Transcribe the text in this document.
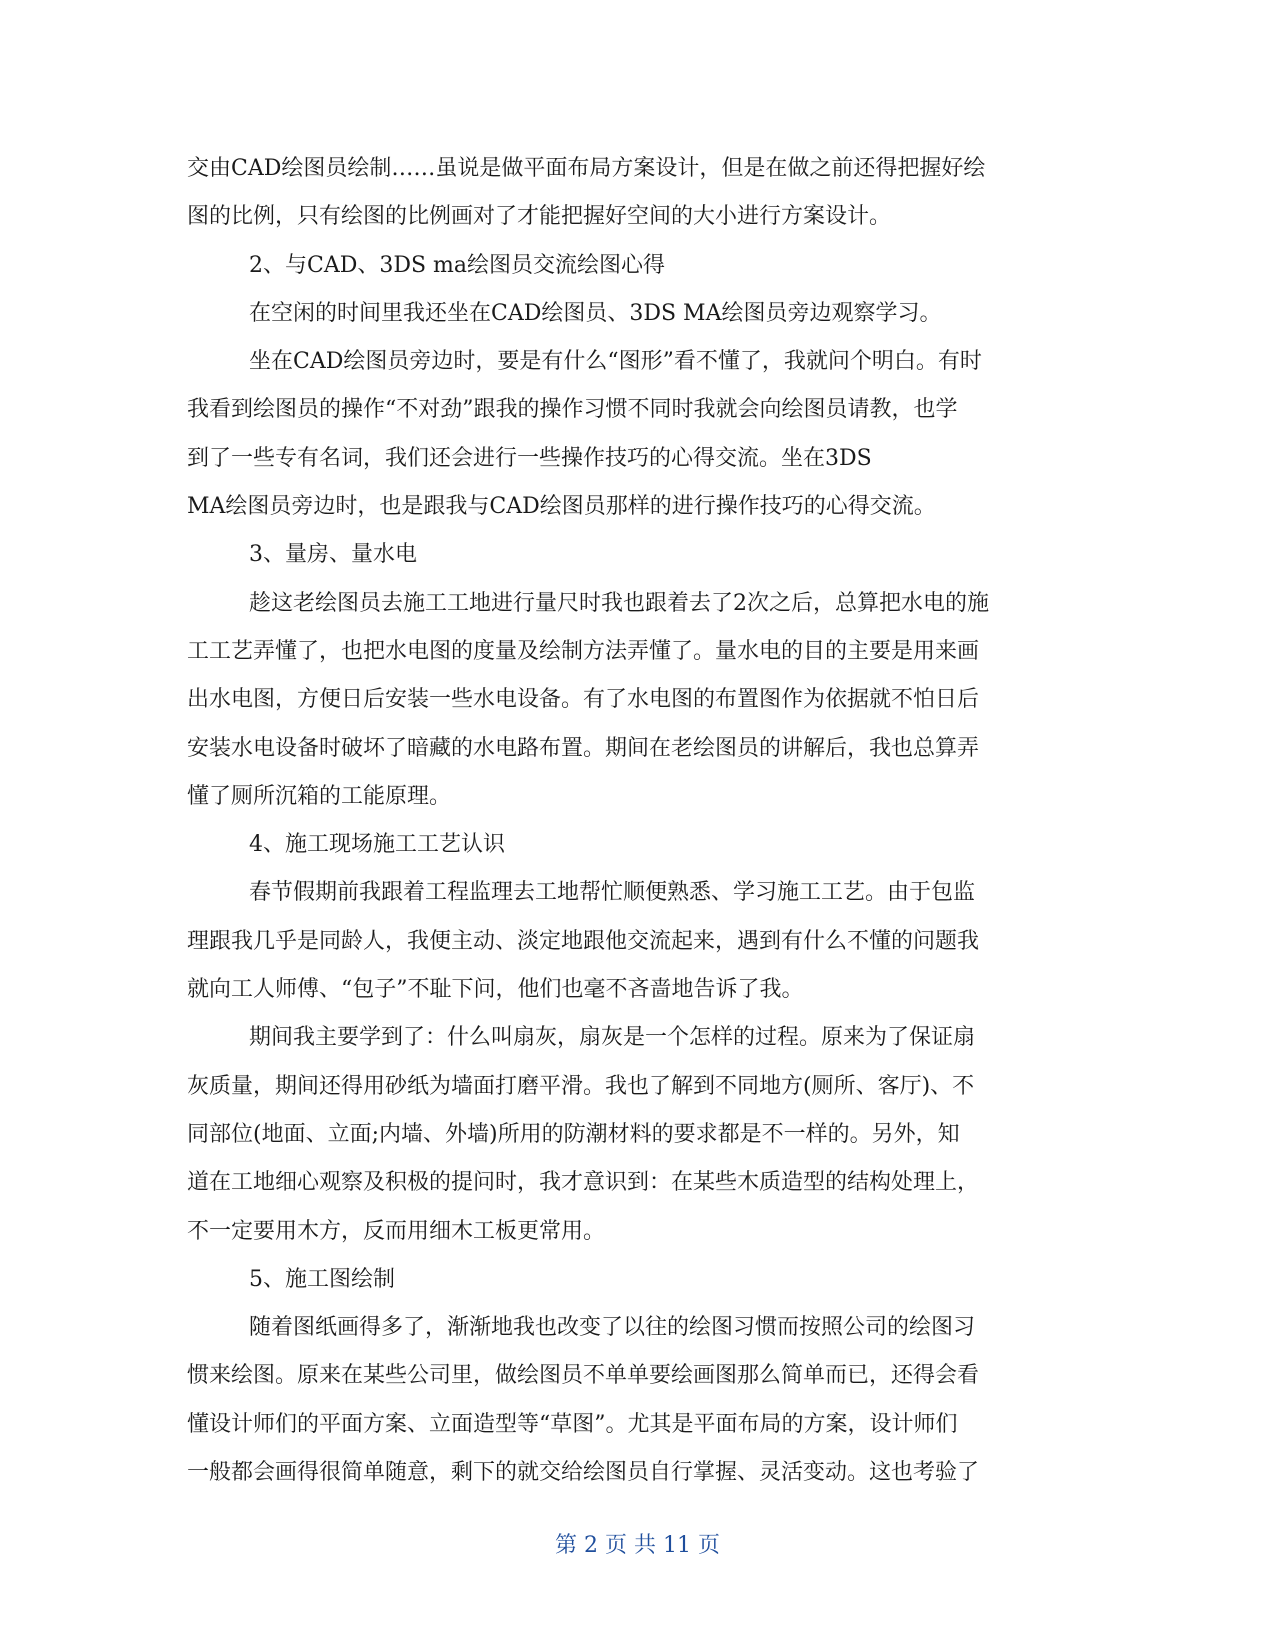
交由CAD绘图员绘制……虽说是做平面布局方案设计，但是在做之前还得把握好绘
图的比例，只有绘图的比例画对了才能把握好空间的大小进行方案设计。
2、与CAD、3DS ma绘图员交流绘图心得
在空闲的时间里我还坐在CAD绘图员、3DS MA绘图员旁边观察学习。
坐在CAD绘图员旁边时，要是有什么“图形”看不懂了，我就问个明白。有时
我看到绘图员的操作“不对劲”跟我的操作习惯不同时我就会向绘图员请教，也学
到了一些专有名词，我们还会进行一些操作技巧的心得交流。坐在3DS
MA绘图员旁边时，也是跟我与CAD绘图员那样的进行操作技巧的心得交流。
3、量房、量水电
趁这老绘图员去施工工地进行量尺时我也跟着去了2次之后，总算把水电的施
工工艺弄懂了，也把水电图的度量及绘制方法弄懂了。量水电的目的主要是用来画
出水电图，方便日后安装一些水电设备。有了水电图的布置图作为依据就不怕日后
安装水电设备时破坏了暗藏的水电路布置。期间在老绘图员的讲解后，我也总算弄
懂了厕所沉箱的工能原理。
4、施工现场施工工艺认识
春节假期前我跟着工程监理去工地帮忙顺便熟悉、学习施工工艺。由于包监
理跟我几乎是同龄人，我便主动、淡定地跟他交流起来，遇到有什么不懂的问题我
就向工人师傅、“包子”不耻下问，他们也毫不吝啬地告诉了我。
期间我主要学到了：什么叫扇灰，扇灰是一个怎样的过程。原来为了保证扇
灰质量，期间还得用砂纸为墙面打磨平滑。我也了解到不同地方(厕所、客厅)、不
同部位(地面、立面;内墙、外墙)所用的防潮材料的要求都是不一样的。另外，知
道在工地细心观察及积极的提问时，我才意识到：在某些木质造型的结构处理上，
不一定要用木方，反而用细木工板更常用。
5、施工图绘制
随着图纸画得多了，渐渐地我也改变了以往的绘图习惯而按照公司的绘图习
惯来绘图。原来在某些公司里，做绘图员不单单要绘画图那么简单而已，还得会看
懂设计师们的平面方案、立面造型等“草图”。尤其是平面布局的方案，设计师们
一般都会画得很简单随意，剩下的就交给绘图员自行掌握、灵活变动。这也考验了
第 2 页 共 11 页
